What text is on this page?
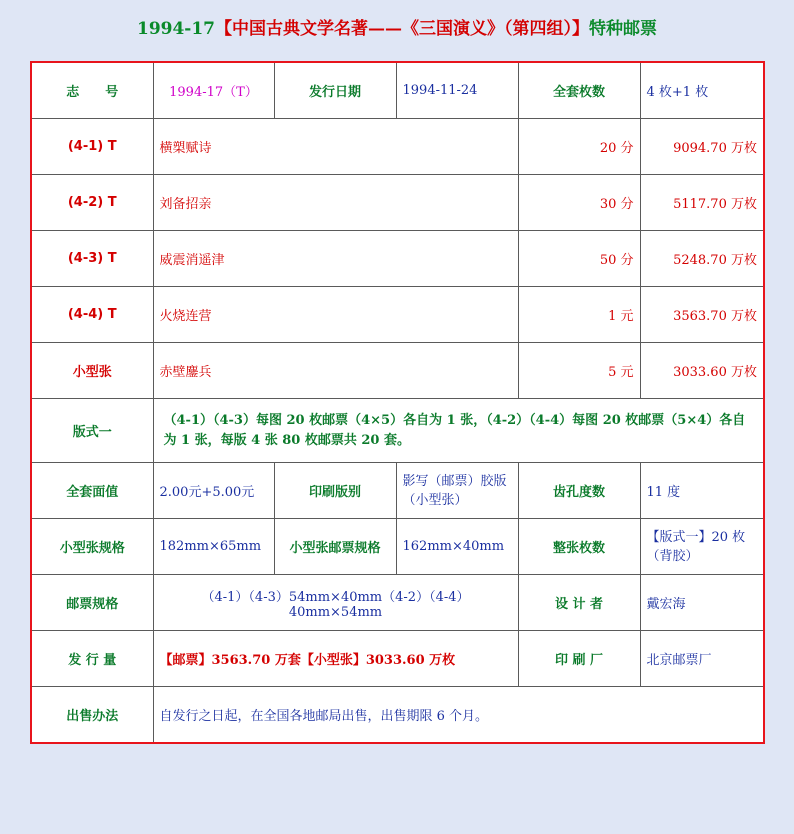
1994-17【中国古典文学名著——《三国演义》（第四组）】特种邮票
志　　号	1994-17（T）	发行日期	1994-11-24	全套枚数	4 枚+1 枚
(4-1) T	横槊赋诗			20 分	9094.70 万枚
(4-2) T	刘备招亲			30 分	5117.70 万枚
(4-3) T	威震消遥津			50 分	5248.70 万枚
(4-4) T	火烧连营			1 元	3563.70 万枚
小型张	赤壁鏖兵			5 元	3033.60 万枚
版式一	（4-1）（4-3）每图 20 枚邮票（4×5）各自为 1 张，（4-2）（4-4）每图 20 枚邮票（5×4）各自为 1 张，每版 4 张 80 枚邮票共 20 套。				
全套面值	2.00元+5.00元	印刷版别	影写（邮票）胶版（小型张）	齿孔度数	11 度
小型张规格	182mm×65mm	小型张邮票规格	162mm×40mm	整张枚数	【版式一】20 枚（背胶）
邮票规格	（4-1）（4-3）54mm×40mm（4-2）（4-4）40mm×54mm			设 计 者	戴宏海
发 行 量	【邮票】3563.70 万套【小型张】3033.60 万枚			印 刷 厂	北京邮票厂
出售办法	自发行之日起，在全国各地邮局出售，出售期限 6 个月。				
